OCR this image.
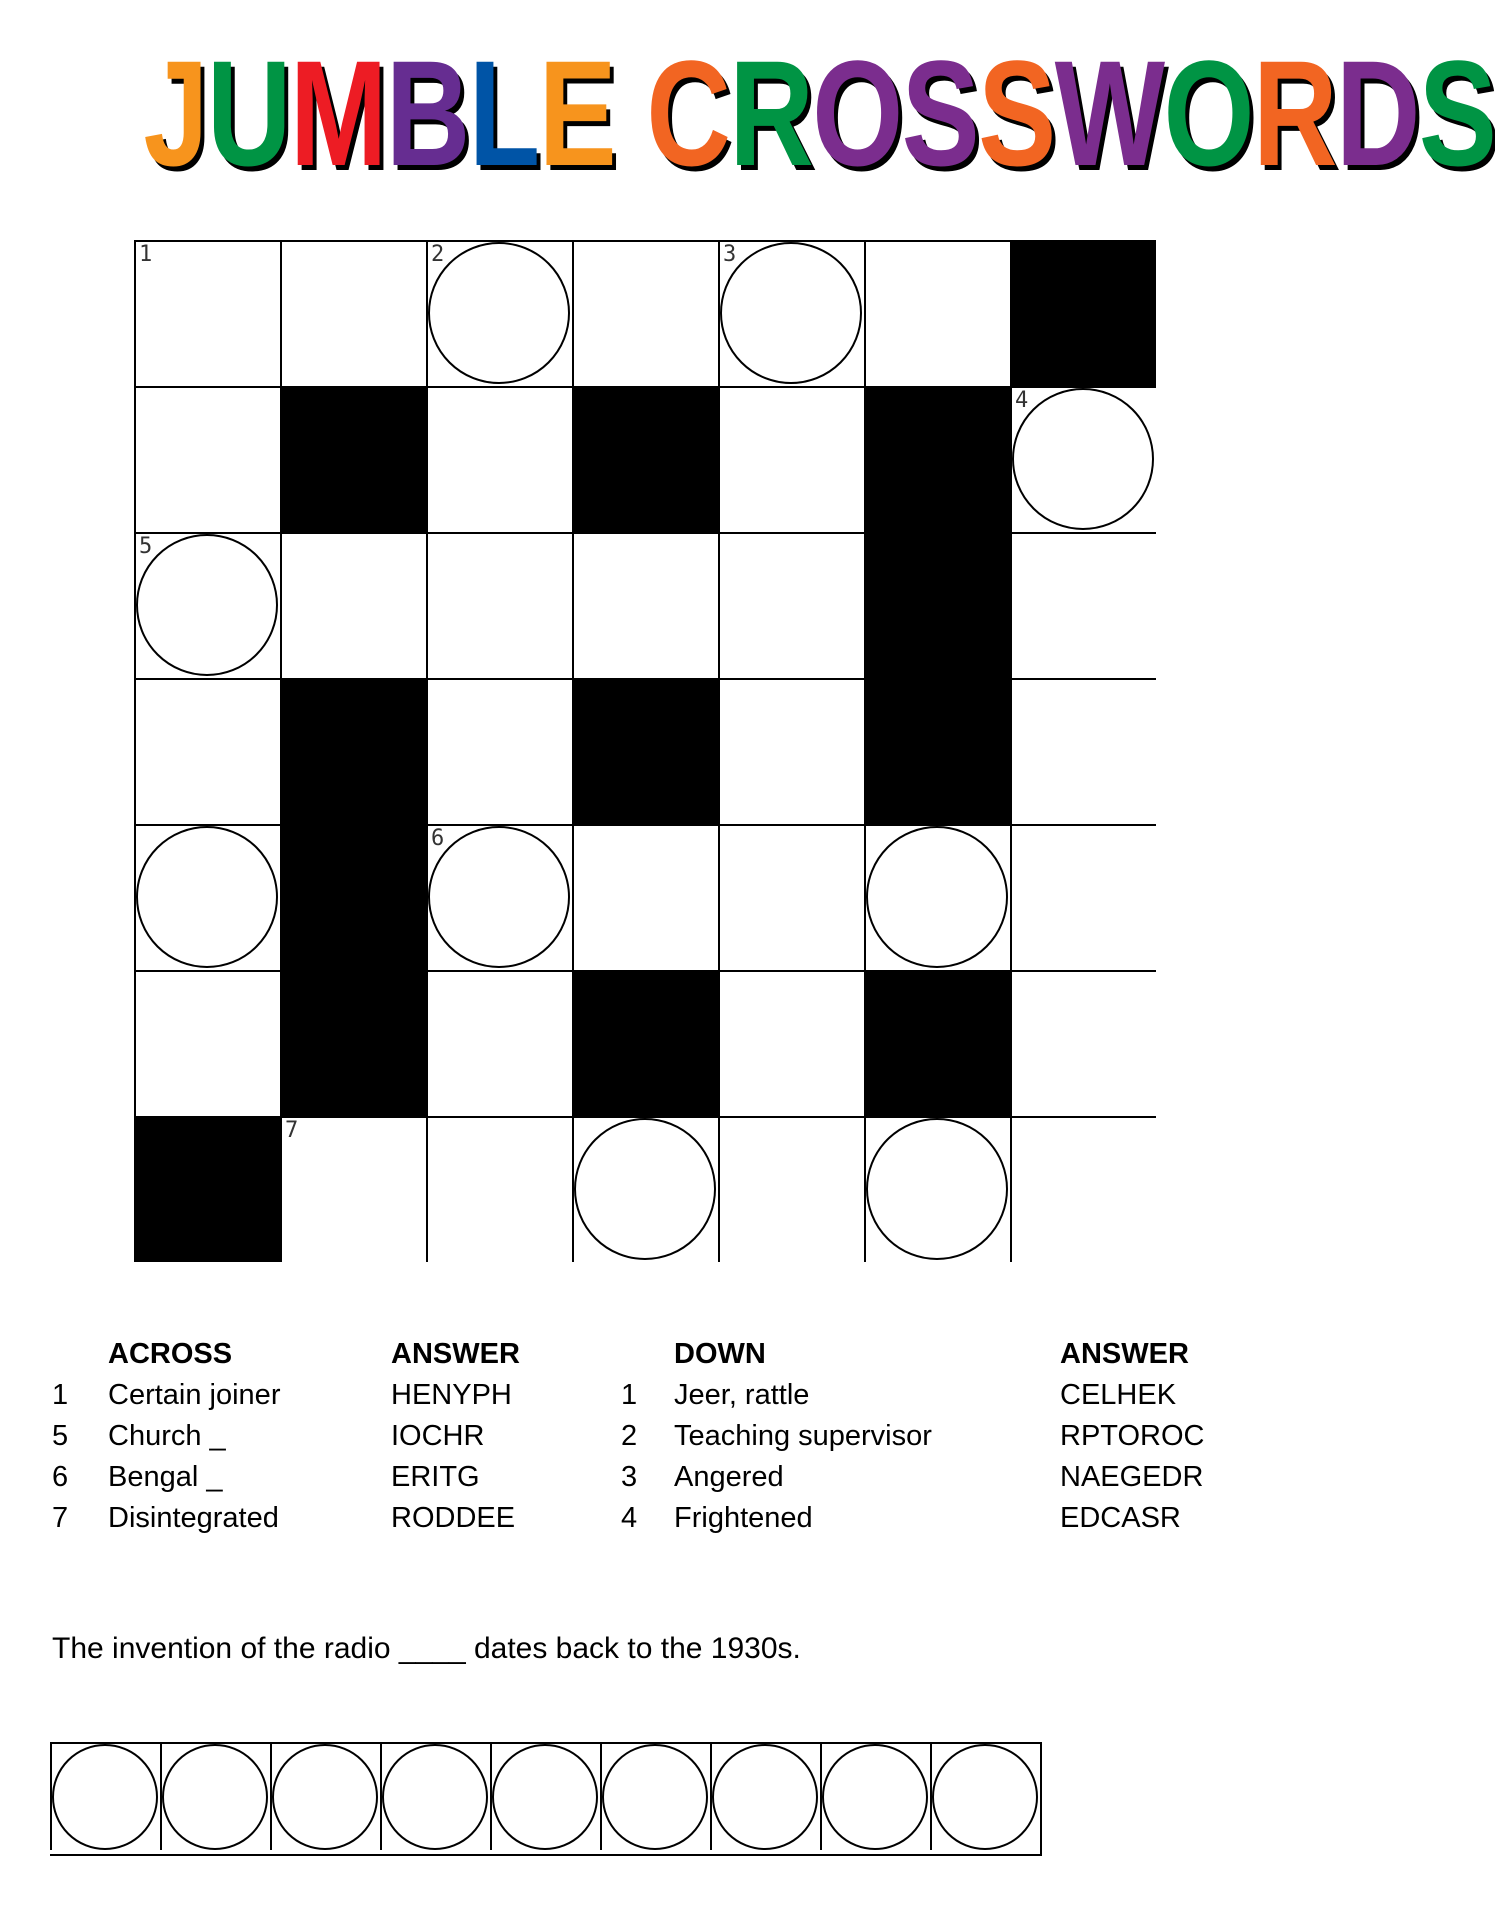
JUMBLE CROSSWORDS
1	2	3
4
5
6
7
ACROSS
Certain joiner
Church _
Bengal _
Disintegrated
1
5
6
7
ANSWER
HENYPH
IOCHR
ERITG
RODDEE
DOWN
Jeer, rattle
Teaching supervisor
Angered
Frightened
1
2
3
4
ANSWER
CELHEK
RPTOROC
NAEGEDR
EDCASR
The invention of the radio ____ dates back to the 1930s.
